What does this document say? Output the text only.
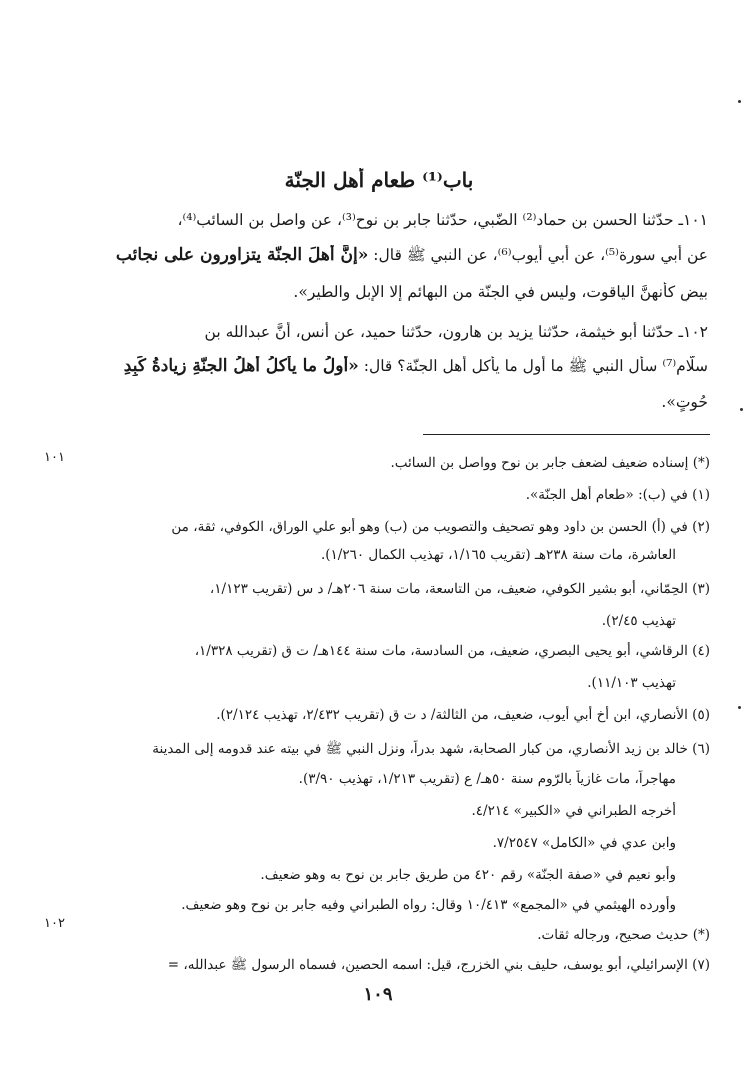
باب⁽¹⁾ طعام أهل الجنّة
١٠١ـ حدّثنا الحسن بن حماد⁽²⁾ الضّبي، حدّثنا جابر بن نوح⁽³⁾، عن واصل بن السائب⁽⁴⁾،
عن أبي سورة⁽⁵⁾، عن أبي أيوب⁽⁶⁾، عن النبي ﷺ قال: «إنَّ أهلَ الجنّة يتزاورون على نجائب
بيضٍ كأنهنَّ الياقوت، وليس في الجنّة من البهائم إلا الإبل والطير».
١٠٢ـ حدّثنا أبو خيثمة، حدّثنا يزيد بن هارون، حدّثنا حميد، عن أنس، أنَّ عبدالله بن
سلّام⁽⁷⁾ سأل النبي ﷺ ما أول ما يأكل أهل الجنّة؟ قال: «أولُ ما يأكلُ أهلُ الجنّةِ زيادةُ كَبِدِ
حُوتٍ».
١٠١
١٠٢
(*) إسناده ضعيف لضعف جابر بن نوح وواصل بن السائب.
(١) في (ب): «طعام أهل الجنّة».
(٢) في (أ) الحسن بن داود وهو تصحيف والتصويب من (ب) وهو أبو علي الوراق، الكوفي، ثقة، من
العاشرة، مات سنة ٢٣٨هـ (تقريب ١/١٦٥، تهذيب الكمال ١/٢٦٠).
(٣) الحِمّاني، أبو بشير الكوفي، ضعيف، من التاسعة، مات سنة ٢٠٦هـ/ د س (تقريب ١/١٢٣،
تهذيب ٢/٤٥).
(٤) الرقاشي، أبو يحيى البصري، ضعيف، من السادسة، مات سنة ١٤٤هـ/ ت ق (تقريب ١/٣٢٨،
تهذيب ١١/١٠٣).
(٥) الأنصاري، ابن أخ أبي أيوب، ضعيف، من الثالثة/ د ت ق (تقريب ٢/٤٣٢، تهذيب ٢/١٢٤).
(٦) خالد بن زيد الأنصاري، من كبار الصحابة، شهد بدراً، ونزل النبي ﷺ في بيته عند قدومه إلى المدينة
مهاجراً، مات غازياً بالرّوم سنة ٥٠هـ/ ع (تقريب ١/٢١٣، تهذيب ٣/٩٠).
أخرجه الطبراني في «الكبير» ٤/٢١٤.
وابن عدي في «الكامل» ٧/٢٥٤٧.
وأبو نعيم في «صفة الجنّة» رقم ٤٢٠ من طريق جابر بن نوح به وهو ضعيف.
وأورده الهيثمي في «المجمع» ١٠/٤١٣ وقال: رواه الطبراني وفيه جابر بن نوح وهو ضعيف.
(*) حديث صحيح، ورجاله ثقات.
(٧) الإسرائيلي، أبو يوسف، حليف بني الخزرج، قيل: اسمه الحصين، فسماه الرسول ﷺ عبدالله، =
١٠٩
